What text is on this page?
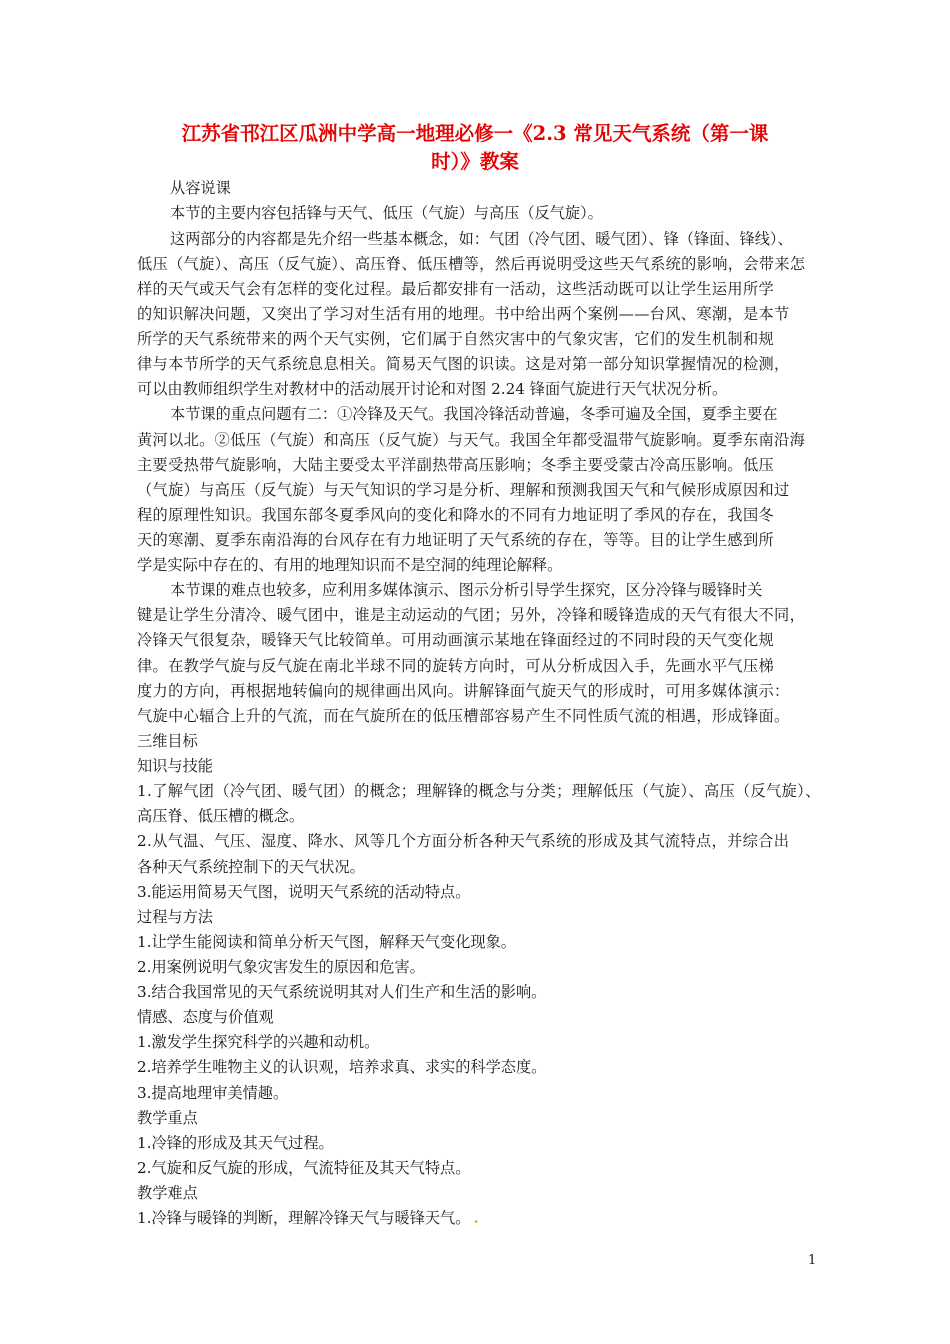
江苏省邗江区瓜洲中学高一地理必修一《2.3 常见天气系统（第一课

时）》教案

从容说课

本节的主要内容包括锋与天气、低压（气旋）与高压（反气旋）。

这两部分的内容都是先介绍一些基本概念，如：气团（冷气团、暖气团）、锋（锋面、锋线）、

低压（气旋）、高压（反气旋）、高压脊、低压槽等，然后再说明受这些天气系统的影响，会带来怎

样的天气或天气会有怎样的变化过程。最后都安排有一活动，这些活动既可以让学生运用所学

的知识解决问题，又突出了学习对生活有用的地理。书中给出两个案例——台风、寒潮，是本节

所学的天气系统带来的两个天气实例，它们属于自然灾害中的气象灾害，它们的发生机制和规

律与本节所学的天气系统息息相关。简易天气图的识读。这是对第一部分知识掌握情况的检测，

可以由教师组织学生对教材中的活动展开讨论和对图 2.24 锋面气旋进行天气状况分析。

本节课的重点问题有二：①冷锋及天气。我国冷锋活动普遍，冬季可遍及全国，夏季主要在

黄河以北。②低压（气旋）和高压（反气旋）与天气。我国全年都受温带气旋影响。夏季东南沿海

主要受热带气旋影响，大陆主要受太平洋副热带高压影响；冬季主要受蒙古冷高压影响。低压

（气旋）与高压（反气旋）与天气知识的学习是分析、理解和预测我国天气和气候形成原因和过

程的原理性知识。我国东部冬夏季风向的变化和降水的不同有力地证明了季风的存在，我国冬

天的寒潮、夏季东南沿海的台风存在有力地证明了天气系统的存在，等等。目的让学生感到所

学是实际中存在的、有用的地理知识而不是空洞的纯理论解释。

本节课的难点也较多，应利用多媒体演示、图示分析引导学生探究，区分冷锋与暖锋时关

键是让学生分清冷、暖气团中，谁是主动运动的气团；另外，冷锋和暖锋造成的天气有很大不同，

冷锋天气很复杂，暖锋天气比较简单。可用动画演示某地在锋面经过的不同时段的天气变化规

律。在教学气旋与反气旋在南北半球不同的旋转方向时，可从分析成因入手，先画水平气压梯

度力的方向，再根据地转偏向的规律画出风向。讲解锋面气旋天气的形成时，可用多媒体演示：

气旋中心辐合上升的气流，而在气旋所在的低压槽部容易产生不同性质气流的相遇，形成锋面。

三维目标

知识与技能

1.了解气团（冷气团、暖气团）的概念；理解锋的概念与分类；理解低压（气旋）、高压（反气旋）、

高压脊、低压槽的概念。

2.从气温、气压、湿度、降水、风等几个方面分析各种天气系统的形成及其气流特点，并综合出

各种天气系统控制下的天气状况。

3.能运用简易天气图，说明天气系统的活动特点。

过程与方法

1.让学生能阅读和简单分析天气图，解释天气变化现象。

2.用案例说明气象灾害发生的原因和危害。

3.结合我国常见的天气系统说明其对人们生产和生活的影响。

情感、态度与价值观

1.激发学生探究科学的兴趣和动机。

2.培养学生唯物主义的认识观，培养求真、求实的科学态度。

3.提高地理审美情趣。

教学重点

1.冷锋的形成及其天气过程。

2.气旋和反气旋的形成，气流特征及其天气特点。

教学难点

1.冷锋与暖锋的判断，理解冷锋天气与暖锋天气。 .

1
